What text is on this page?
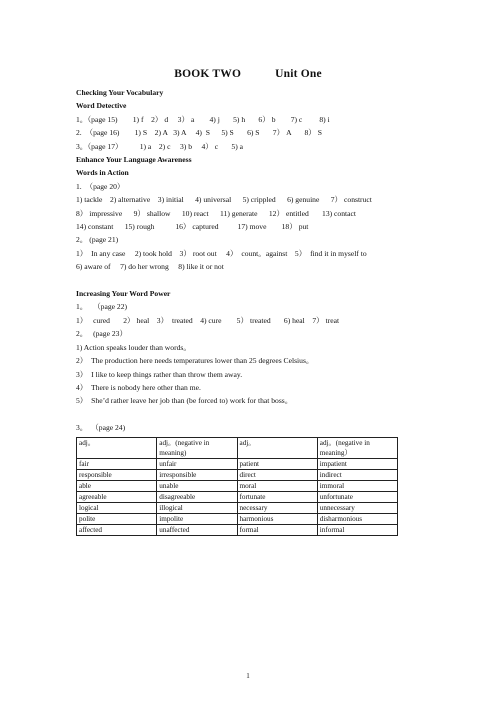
BOOK TWO	Unit One
Checking Your Vocabulary
Word Detective
1。（page 15)        1) f    2） d     3） a        4) j       5) h       6） b        7) c         8) i
2.  （page 16)        1) S    2) A   3) A     4)  S      5) S       6) S       7） A       8） S
3。（page 17）         1) a    2) c     3) b     4） c       5) a
Enhance Your Language Awareness
Words in Action
1.  （page 20）
1) tackle    2) alternative    3) initial      4) universal      5) crippled      6) genuine      7） construct
8） impressive      9） shallow      10) react      11) generate      12） entitled       13) contact
14) constant      15) rough           16） captured          17) move        18） put
2。 (page 21)
1）  In any case     2) took hold    3） root out     4）  count。against    5）  find it in myself to
6) aware of     7) do her wrong     8) like it or not
Increasing Your Word Power
1。   （page 22)
1）   cured       2） heal    3）  treated    4) cure        5） treated       6) heal    7） treat
2。   (page 23）
1) Action speaks louder than words。
2）  The production here needs temperatures lower than 25 degrees Celsius。
3）  I like to keep things rather than throw them away.
4）  There is nobody here other than me.
5）  She’d rather leave her job than (be forced to) work for that boss。
3。  （page 24)
adj。	adj。(negative in meaning)	adj。	adj。(negative in meaning）
fair	unfair	patient	impatient
responsible	irresponsible	direct	indirect
able	unable	moral	immoral
agreeable	disagreeable	fortunate	unfortunate
logical	illogical	necessary	unnecessary
polite	impolite	harmonious	disharmonious
affected	unaffected	formal	informal
1
